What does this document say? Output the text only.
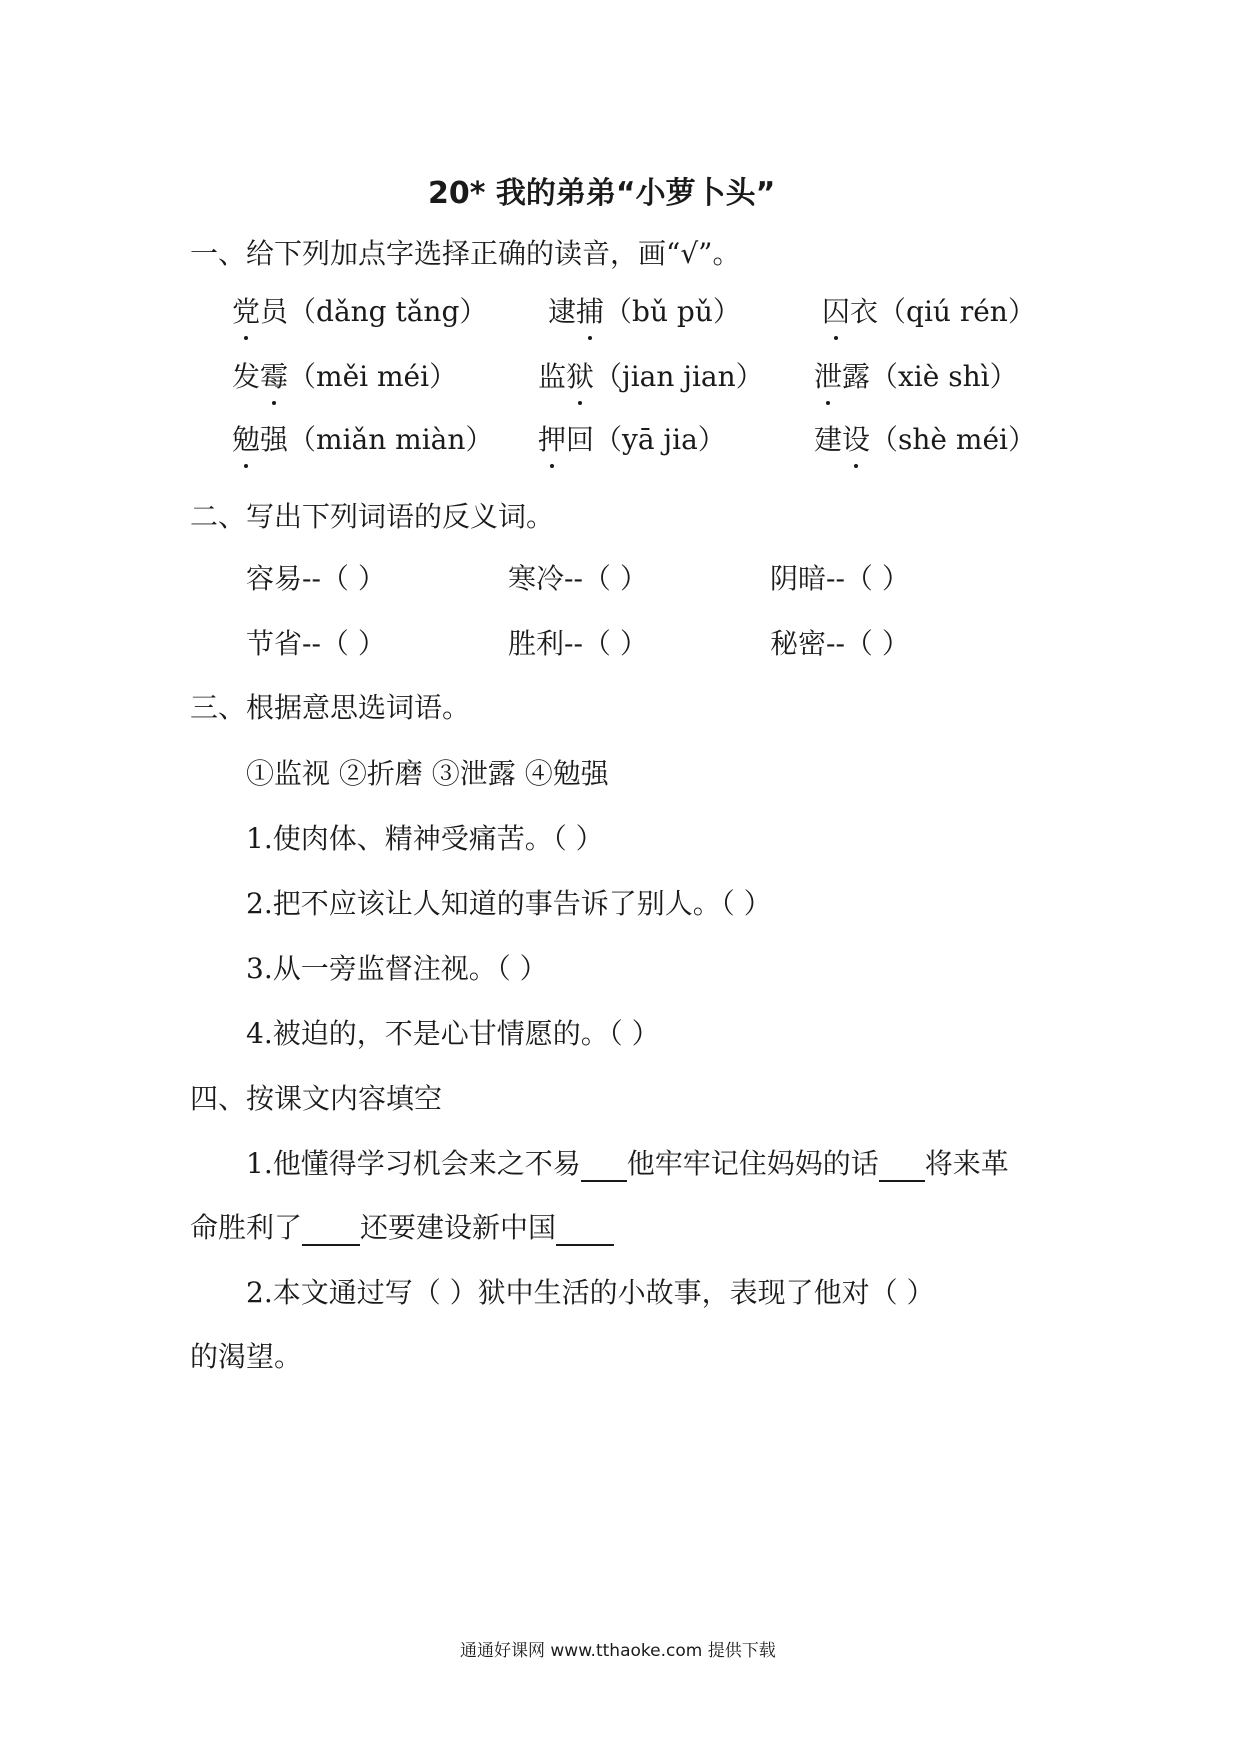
20* 我的弟弟“小萝卜头”
一、给下列加点字选择正确的读音，画“√”。
党员（dǎng tǎng） 逮捕（bǔ pǔ）	囚衣（qiú rén）
发霉（měi méi）	监狱（jian jian） 泄露（xiè shì）
勉强（miǎn miàn） 押回（yā jia）	建设（shè méi）
二、写出下列词语的反义词。
容易--（ ）	寒冷--（ ）	阴暗--（ ）
节省--（ ）	胜利--（ ）	秘密--（ ）
三、根据意思选词语。
①监视 ②折磨 ③泄露 ④勉强
1.使肉体、精神受痛苦。（ ）
2.把不应该让人知道的事告诉了别人。（ ）
3.从一旁监督注视。（ ）
4.被迫的，不是心甘情愿的。（ ）
四、按课文内容填空
1.他懂得学习机会来之不易 他牢牢记住妈妈的话 将来革
命胜利了 还要建设新中国
2.本文通过写（ ）狱中生活的小故事，表现了他对（ ）
的渴望。
通通好课网 www.tthaoke.com 提供下载
